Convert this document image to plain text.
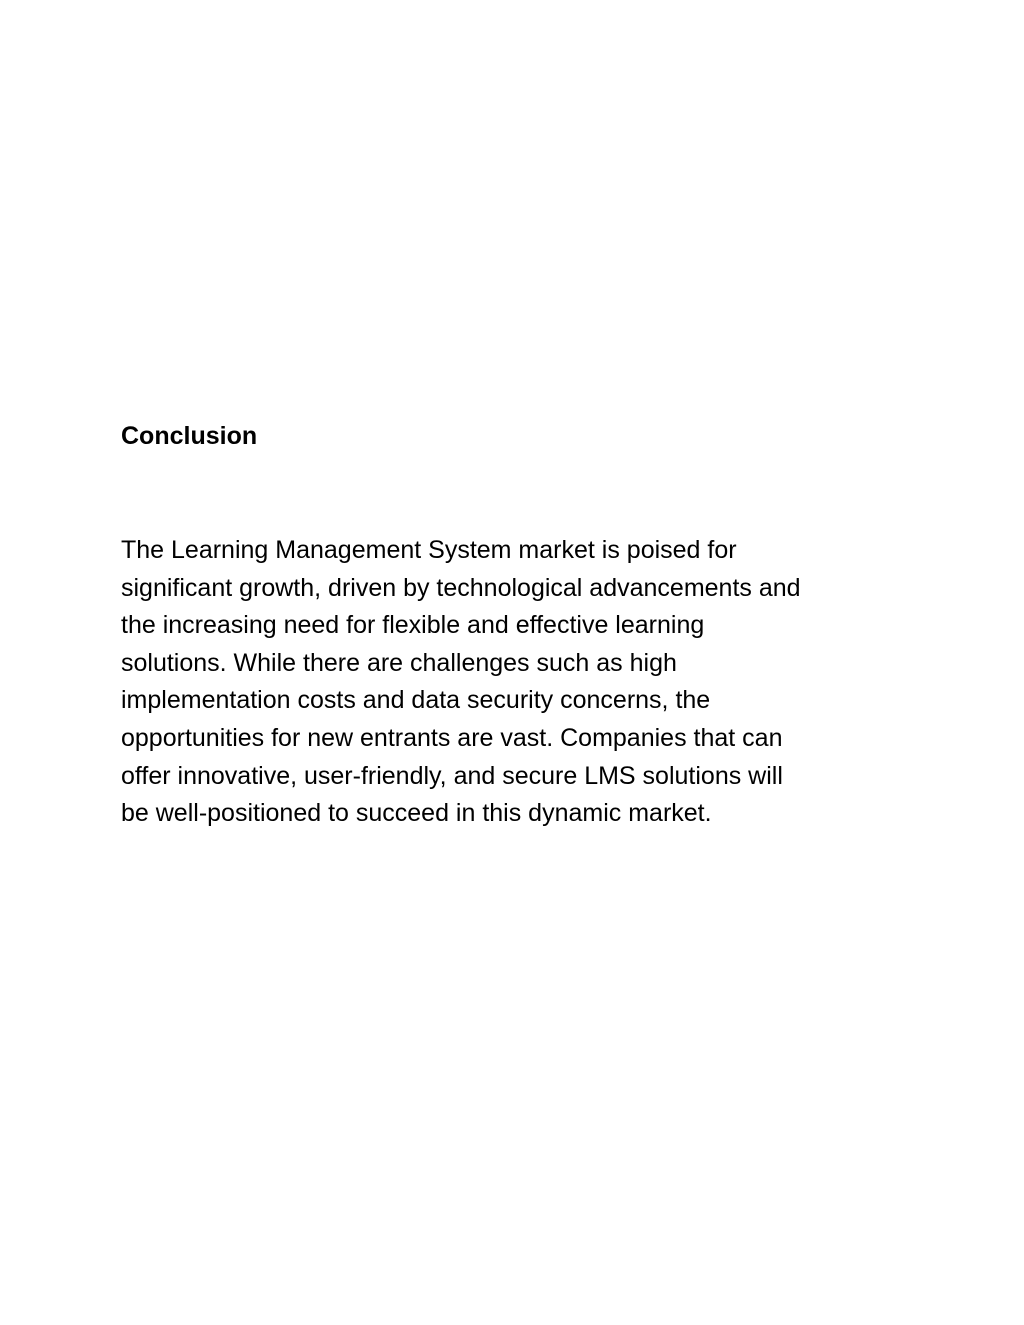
Conclusion

The Learning Management System market is poised for
significant growth, driven by technological advancements and
the increasing need for flexible and effective learning
solutions. While there are challenges such as high
implementation costs and data security concerns, the
opportunities for new entrants are vast. Companies that can
offer innovative, user-friendly, and secure LMS solutions will
be well-positioned to succeed in this dynamic market.
